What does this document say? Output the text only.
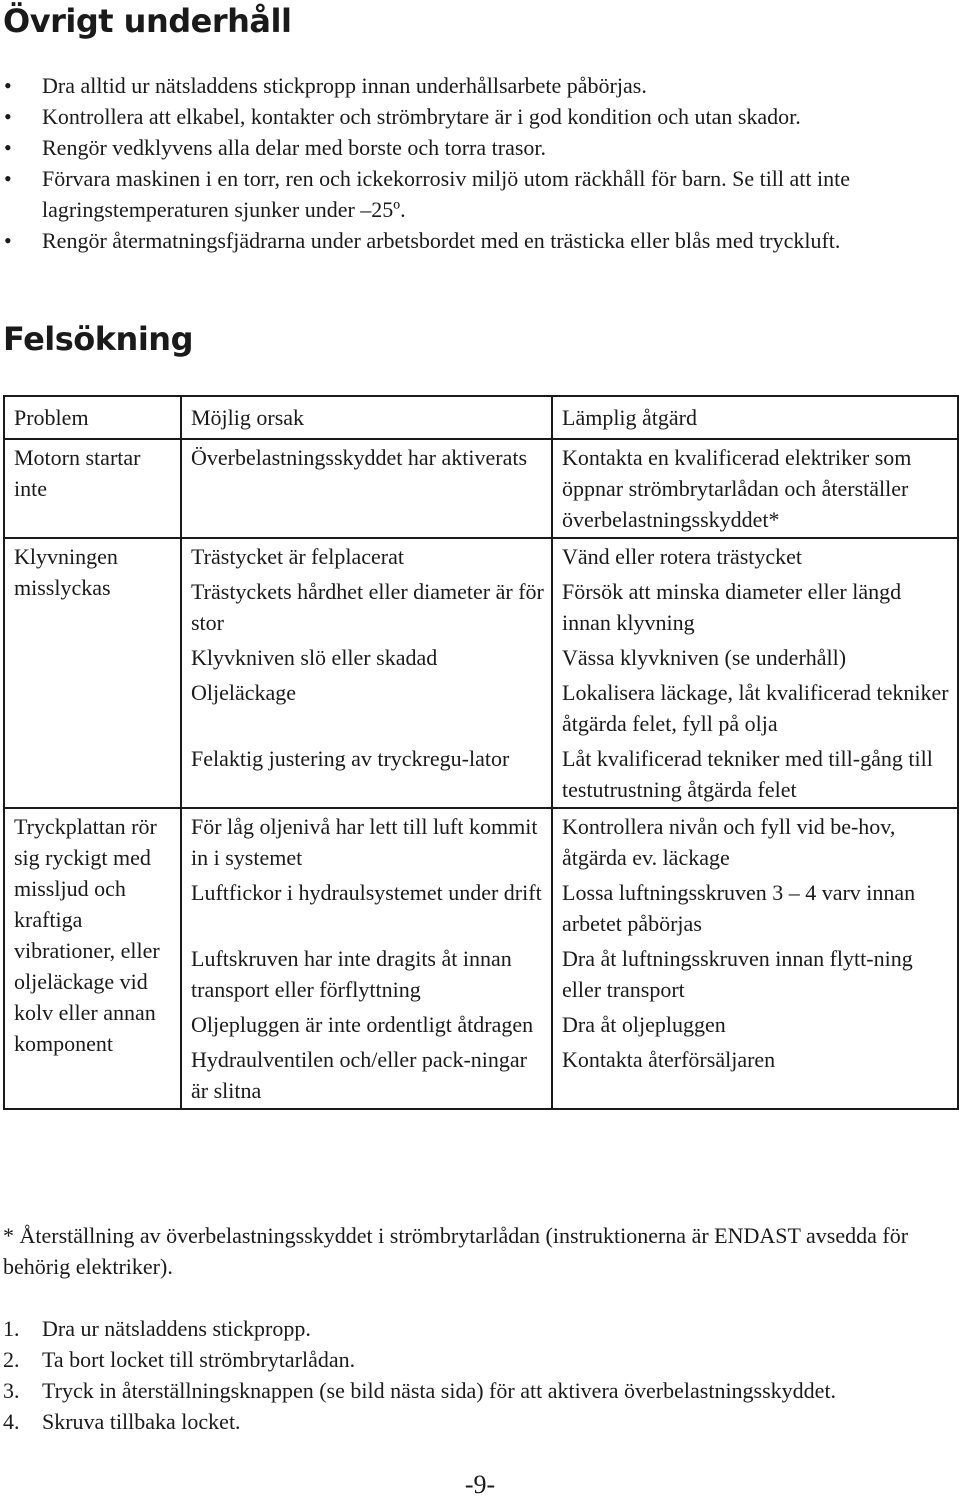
Övrigt underhåll
• Dra alltid ur nätsladdens stickpropp innan underhållsarbete påbörjas.
• Kontrollera att elkabel, kontakter och strömbrytare är i god kondition och utan skador.
• Rengör vedklyvens alla delar med borste och torra trasor.
• Förvara maskinen i en torr, ren och ickekorrosiv miljö utom räckhåll för barn. Se till att inte lagringstemperaturen sjunker under –25º.
• Rengör återmatningsfjädrarna under arbetsbordet med en trästicka eller blås med tryckluft.
Felsökning
Problem	Möjlig orsak	Lämplig åtgärd
Motorn startar inte	Överbelastningsskyddet har aktiverats	Kontakta en kvalificerad elektriker som öppnar strömbrytarlådan och återställer överbelastningsskyddet*
Klyvningen misslyckas	Trästycket är felplacerat	Vänd eller rotera trästycket
	Trästyckets hårdhet eller diameter är för stor	Försök att minska diameter eller längd innan klyvning
	Klyvkniven slö eller skadad	Vässa klyvkniven (se underhåll)
	Oljeläckage	Lokalisera läckage, låt kvalificerad tekniker åtgärda felet, fyll på olja
	Felaktig justering av tryckregu-lator	Låt kvalificerad tekniker med till-gång till testutrustning åtgärda felet
Tryckplattan rör sig ryckigt med missljud och kraftiga vibrationer, eller oljeläckage vid kolv eller annan komponent	För låg oljenivå har lett till luft kommit in i systemet	Kontrollera nivån och fyll vid be-hov, åtgärda ev. läckage
	Luftfickor i hydraulsystemet under drift	Lossa luftningsskruven 3 – 4 varv innan arbetet påbörjas
	Luftskruven har inte dragits åt innan transport eller förflyttning	Dra åt luftningsskruven innan flytt-ning eller transport
	Oljepluggen är inte ordentligt åtdragen	Dra åt oljepluggen
	Hydraulventilen och/eller pack-ningar är slitna	Kontakta återförsäljaren

* Återställning av överbelastningsskyddet i strömbrytarlådan (instruktionerna är ENDAST avsedda för behörig elektriker).

1. Dra ur nätsladdens stickpropp.
2. Ta bort locket till strömbrytarlådan.
3. Tryck in återställningsknappen (se bild nästa sida) för att aktivera överbelastningsskyddet.
4. Skruva tillbaka locket.
-9-
